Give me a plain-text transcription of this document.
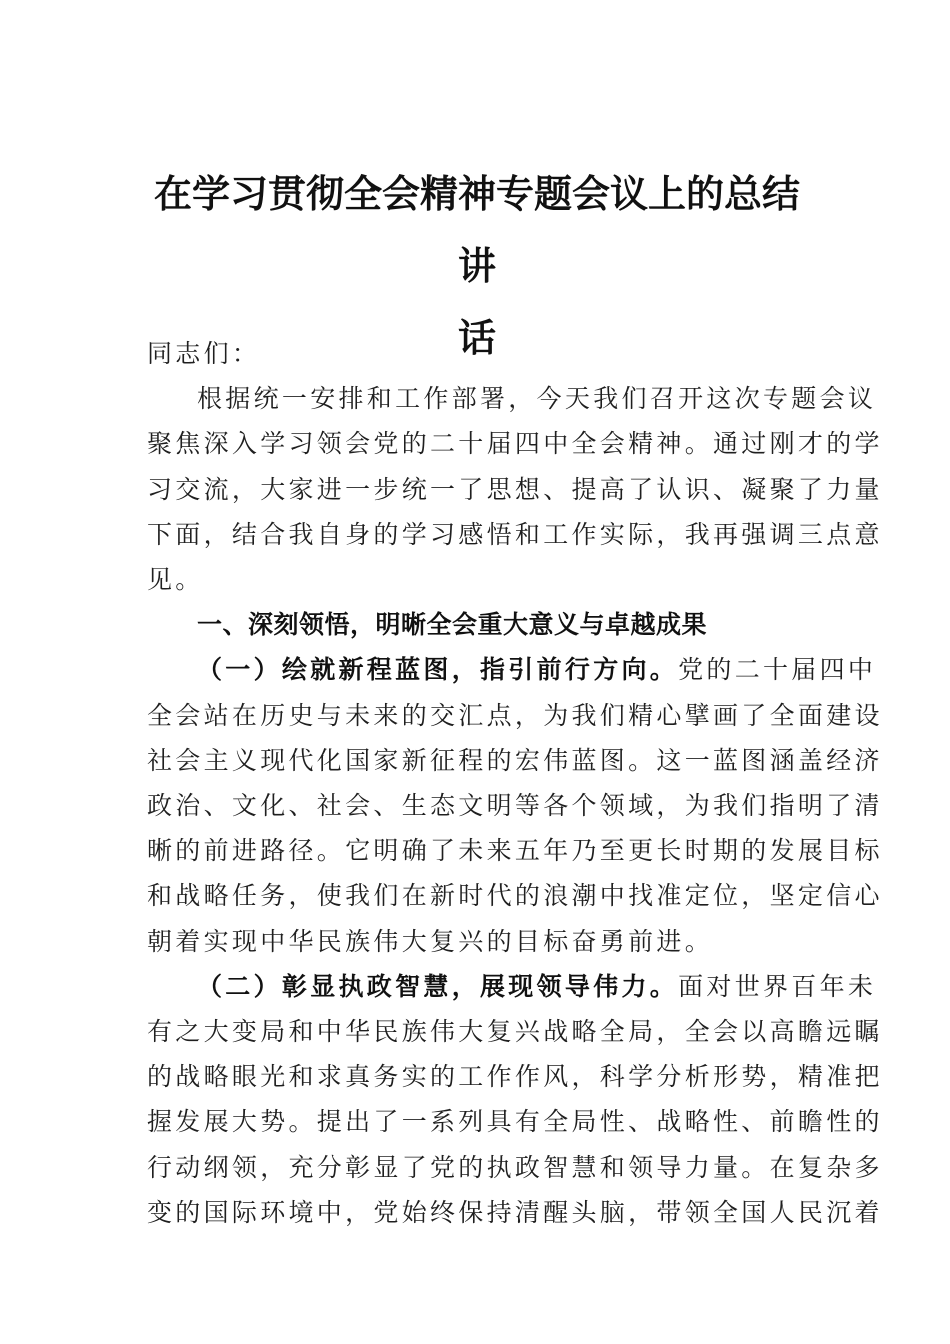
在学习贯彻全会精神专题会议上的总结讲
话

同志们：

根据统一安排和工作部署，今天我们召开这次专题会议
聚焦深入学习领会党的二十届四中全会精神。通过刚才的学
习交流，大家进一步统一了思想、提高了认识、凝聚了力量
下面，结合我自身的学习感悟和工作实际，我再强调三点意
见。

一、深刻领悟，明晰全会重大意义与卓越成果

（一）绘就新程蓝图，指引前行方向。党的二十届四中
全会站在历史与未来的交汇点，为我们精心擘画了全面建设
社会主义现代化国家新征程的宏伟蓝图。这一蓝图涵盖经济
政治、文化、社会、生态文明等各个领域，为我们指明了清
晰的前进路径。它明确了未来五年乃至更长时期的发展目标
和战略任务，使我们在新时代的浪潮中找准定位，坚定信心
朝着实现中华民族伟大复兴的目标奋勇前进。

（二）彰显执政智慧，展现领导伟力。面对世界百年未
有之大变局和中华民族伟大复兴战略全局，全会以高瞻远瞩
的战略眼光和求真务实的工作作风，科学分析形势，精准把
握发展大势。提出了一系列具有全局性、战略性、前瞻性的
行动纲领，充分彰显了党的执政智慧和领导力量。在复杂多
变的国际环境中，党始终保持清醒头脑，带领全国人民沉着
